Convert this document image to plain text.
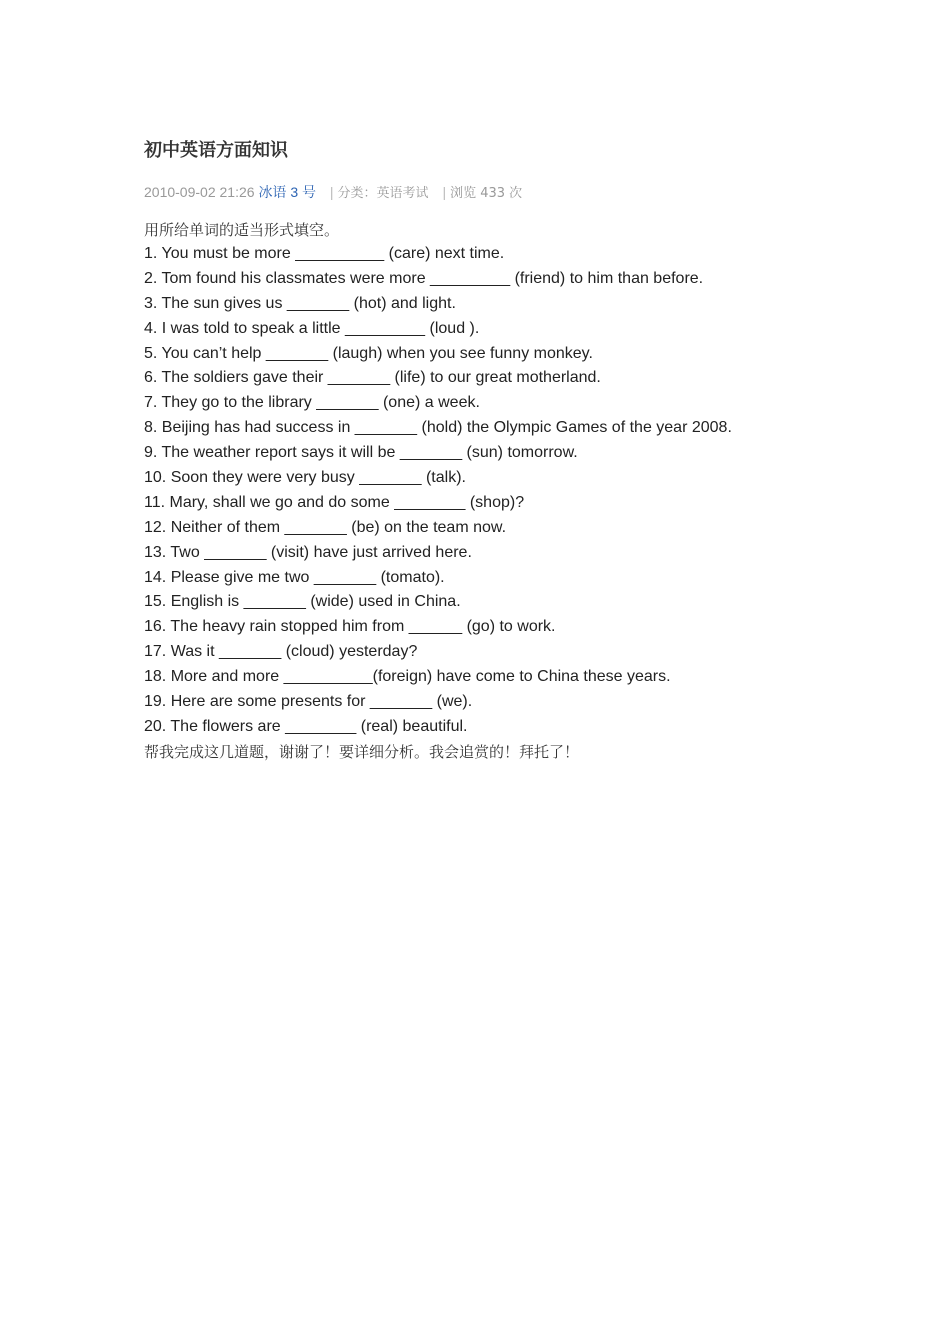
初中英语方面知识
2010-09-02 21:26 冰语 3 号 | 分类：英语考试 | 浏览 433 次
用所给单词的适当形式填空。
1. You must be more __________ (care) next time.
2. Tom found his classmates were more _________ (friend) to him than before.
3. The sun gives us _______ (hot) and light.
4. I was told to speak a little _________ (loud ).
5. You can’t help _______ (laugh) when you see funny monkey.
6. The soldiers gave their _______ (life) to our great motherland.
7. They go to the library _______ (one) a week.
8. Beijing has had success in _______ (hold) the Olympic Games of the year 2008.
9. The weather report says it will be _______ (sun) tomorrow.
10. Soon they were very busy _______ (talk).
11. Mary, shall we go and do some ________ (shop)?
12. Neither of them _______ (be) on the team now.
13. Two _______ (visit) have just arrived here.
14. Please give me two _______ (tomato).
15. English is _______ (wide) used in China.
16. The heavy rain stopped him from ______ (go) to work.
17. Was it _______ (cloud) yesterday?
18. More and more __________(foreign) have come to China these years.
19. Here are some presents for _______ (we).
20. The flowers are ________ (real) beautiful.
帮我完成这几道题，谢谢了！要详细分析。我会追赏的！拜托了！
